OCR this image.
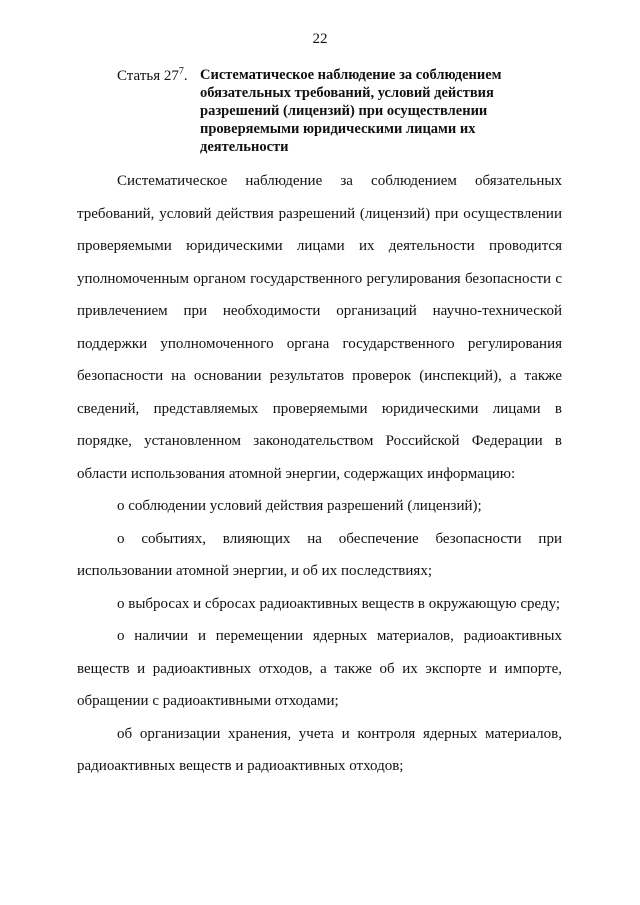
22
Статья $27^7$. Систематическое наблюдение за соблюдением обязательных требований, условий действия разрешений (лицензий) при осуществлении проверяемыми юридическими лицами их деятельности

Систематическое наблюдение за соблюдением обязательных требований, условий действия разрешений (лицензий) при осуществлении проверяемыми юридическими лицами их деятельности проводится уполномоченным органом государственного регулирования безопасности с привлечением при необходимости организаций научно-технической поддержки уполномоченного органа государственного регулирования безопасности на основании результатов проверок (инспекций), а также сведений, представляемых проверяемыми юридическими лицами в порядке, установленном законодательством Российской Федерации в области использования атомной энергии, содержащих информацию:

о соблюдении условий действия разрешений (лицензий);

о событиях, влияющих на обеспечение безопасности при использовании атомной энергии, и об их последствиях;

о выбросах и сбросах радиоактивных веществ в окружающую среду;

о наличии и перемещении ядерных материалов, радиоактивных веществ и радиоактивных отходов, а также об их экспорте и импорте, обращении с радиоактивными отходами;

об организации хранения, учета и контроля ядерных материалов, радиоактивных веществ и радиоактивных отходов;
